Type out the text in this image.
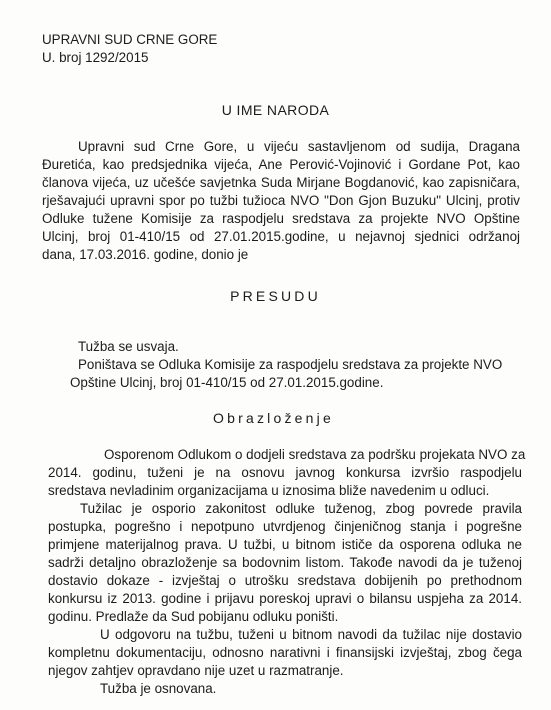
UPRAVNI SUD CRNE GORE
U. broj 1292/2015
U IME NARODA
Upravni sud Crne Gore, u vijeću sastavljenom od sudija, Dragana
Đuretića, kao predsjednika vijeća, Ane Perović-Vojinović i Gordane Pot, kao
članova vijeća, uz učešće savjetnka Suda Mirjane Bogdanović, kao zapisničara,
rješavajući upravni spor po tužbi tužioca NVO "Don Gjon Buzuku" Ulcinj, protiv
Odluke tužene Komisije za raspodjelu sredstava za projekte NVO Opštine
Ulcinj, broj 01-410/15 od 27.01.2015.godine, u nejavnoj sjednici održanoj
dana, 17.03.2016. godine, donio je
PRESUDU
Tužba se usvaja.
Poništava se Odluka Komisije za raspodjelu sredstava za projekte NVO
Opštine Ulcinj, broj 01-410/15 od 27.01.2015.godine.
Obrazloženje
Osporenom Odlukom o dodjeli sredstava za podršku projekata NVO za
2014. godinu, tuženi je na osnovu javnog konkursa izvršio raspodjelu
sredstava nevladinim organizacijama u iznosima bliže navedenim u odluci.
Tužilac je osporio zakonitost odluke tuženog, zbog povrede pravila
postupka, pogrešno i nepotpuno utvrdjenog činjeničnog stanja i pogrešne
primjene materijalnog prava. U tužbi, u bitnom ističe da osporena odluka ne
sadrži detaljno obrazloženje sa bodovnim listom. Takođe navodi da je tuženoj
dostavio dokaze - izvještaj o utrošku sredstava dobijenih po prethodnom
konkursu iz 2013. godine i prijavu poreskoj upravi o bilansu uspjeha za 2014.
godinu. Predlaže da Sud pobijanu odluku poništi.
U odgovoru na tužbu, tuženi u bitnom navodi da tužilac nije dostavio
kompletnu dokumentaciju, odnosno narativni i finansijski izvještaj, zbog čega
njegov zahtjev opravdano nije uzet u razmatranje.
Tužba je osnovana.
